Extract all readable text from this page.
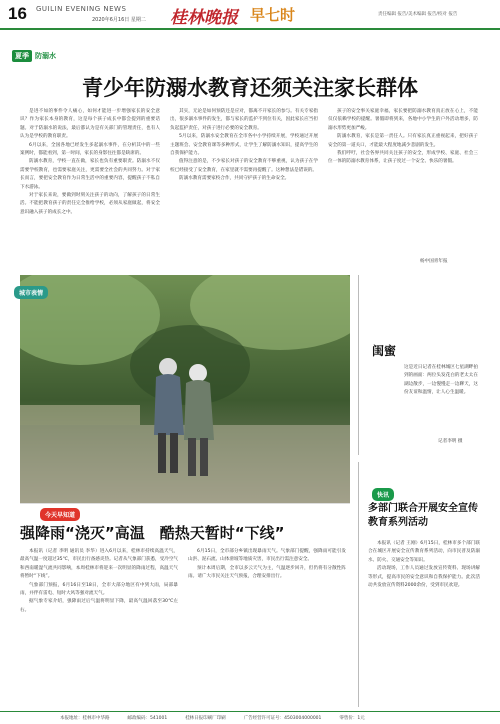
16 GUILIN EVENING NEWS
2020年6月16日 星期二 桂林晚报 早七时	责任编辑 报告/美术编辑 报告/校对 报告
夏季 防溺水
青少年防溺水教育还须关注家长群体

是进不如的事件令人痛心，如何才能进一步增强家长的安全意识？作为家长本身的教育，这是每个孩子成长中都会提到的重要话题。对于防溺水的说法，最后都认为是有关部门的管理责任，也有人认为是学校的教育职责。

6月以来，全国各地已经发生多起溺水事件，在分析其中的一些案例时，都能看到，第一时间，家长的身影往往都是缺席的。

防溺水教育，学校一直在做，家长也负有重要职责。防溺水不仅需要学校教育，也需要家庭关注，更需要全社会的共同努力。对于家长而言，要把安全教育作为日常生活中的重要内容，提醒孩子不私自下水游泳。

对于家长来说，要做到时刻关注孩子的动向，了解孩子的日常生活。不能把教育孩子的责任完全推给学校，必须从家庭做起，将安全意识融入孩子的成长之中。

其实，无论是如何预防还是应对，都离不开家长的参与。有关专家指出，很多溺水事件的发生，都与家长的监护不到位有关，因此家长应当担负起监护责任，对孩子进行必要的安全教育。

5月以来，防溺水安全教育在全市各中小学持续开展，学校通过开展主题班会、安全教育课等多种形式，让学生了解防溺水知识，提高学生的自我保护能力。

值得注意的是，不少家长对孩子的安全教育不够重视，认为孩子在学校已经接受了安全教育，在家里就不需要再提醒了。这种想法是错误的。

防溺水教育需要家校合作，共同守护孩子的生命安全。

孩子的安全事关家庭幸福，家长要把防溺水教育真正放在心上，不能仅仅依赖学校的提醒。暑假即将到来，各地中小学生的户外活动增多，防溺水形势更加严峻。

防溺水教育，家长是第一责任人。只有家长真正重视起来，把好孩子安全的第一道关口，才能最大程度地减少悲剧的发生。

我们呼吁，社会各界共同关注孩子的安全，形成学校、家庭、社会三位一体的防溺水教育体系，让孩子度过一个安全、快乐的暑假。

杨中国青年报
城市表情
闺蜜
这是近日记者在桂林城区七星湖畔拍到的画面：两位头发花白的老太太在湖边散步，一边慢慢走一边聊天，这份友谊和温情，让人心生温暖。
记者李明 摄
今天早知道
强降雨“浇灭”高温　酷热天暂时“下线”

本报讯（记者 李明 通讯员 李华）进入6月以来，桂林市持续高温天气，最高气温一度超过35℃，市民出行备感炎热。记者从气象部门获悉，受冷空气和西南暖湿气流共同影响，本周桂林市将迎来一次明显的降雨过程，高温天气将暂时“下线”。

气象部门预报，6月16日至18日，全市大部分地区有中到大雨，局部暴雨，并伴有雷电、短时大风等强对流天气。

据气象专家介绍，强降雨过后气温将明显下降，最高气温回落至30℃左右。

6月15日，全市部分乡镇出现暴雨天气。气象部门提醒，强降雨可能引发山洪、泥石流、山体滑坡等地质灾害，市民出行需注意安全。

预计本周后期，全市以多云天气为主，气温逐步回升，但仍将有分散性阵雨。请广大市民关注天气预报，合理安排出行。

快讯
多部门联合开展安全宣传教育系列活动

本报讯（记者 王刚）6月15日，桂林市多个部门联合在城区开展安全宣传教育系列活动，向市民普及防溺水、防火、交通安全等知识。

活动现场，工作人员通过发放宣传资料、现场讲解等形式，提高市民的安全意识和自我保护能力。此次活动共发放宣传资料2000余份，受到市民欢迎。

本报地址：桂林市中华路	邮政编码：541001	桂林日报印刷厂印刷	广告经营许可证号：4503004000001	零售价：1元
